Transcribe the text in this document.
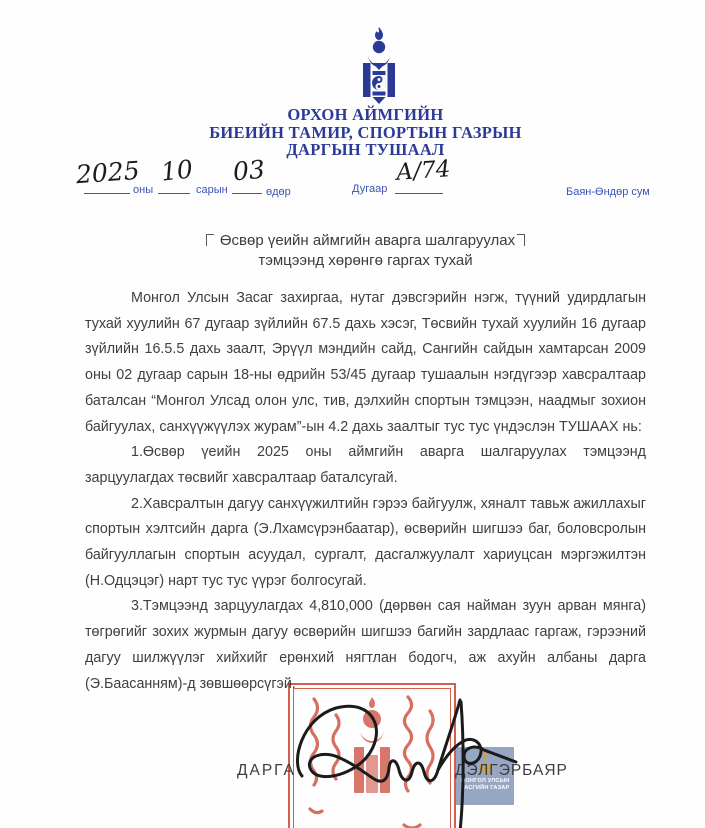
ОРХОН АЙМГИЙН
БИЕИЙН ТАМИР, СПОРТЫН ГАЗРЫН
ДАРГЫН ТУШААЛ
2025
оны
10
сарын
03
өдөр	Дугаар
А/74
Баян-Өндөр сум
Өсвөр үеийн аймгийн аварга шалгаруулах
тэмцээнд хөрөнгө гаргах тухай

Монгол Улсын Засаг захиргаа, нутаг дэвсгэрийн нэгж, түүний удирдлагын тухай хуулийн 67 дугаар зүйлийн 67.5 дахь хэсэг, Төсвийн тухай хуулийн 16 дугаар зүйлийн 16.5.5 дахь заалт, Эрүүл мэндийн сайд, Сангийн сайдын хамтарсан 2009 оны 02 дугаар сарын 18-ны өдрийн 53/45 дугаар тушаалын нэгдүгээр хавсралтаар баталсан “Монгол Улсад олон улс, тив, дэлхийн спортын тэмцээн, наадмыг зохион байгуулах, санхүүжүүлэх журам”-ын 4.2 дахь заалтыг тус тус үндэслэн ТУШААХ нь:

1.Өсвөр үеийн 2025 оны аймгийн аварга шалгаруулах тэмцээнд зарцуулагдах төсвийг хавсралтаар баталсугай.

2.Хавсралтын дагуу санхүүжилтийн гэрээ байгуулж, хяналт тавьж ажиллахыг спортын хэлтсийн дарга (Э.Лхамсүрэнбаатар), өсвөрийн шигшээ баг, боловсролын байгууллагын спортын асуудал, сургалт, дасгалжуулалт хариуцсан мэргэжилтэн (Н.Одцэцэг) нарт тус тус үүрэг болгосугай.

3.Тэмцээнд зарцуулагдах 4,810,000 (дөрвөн сая найман зуун арван мянга) төгрөгийг зохих журмын дагуу өсвөрийн шигшээ багийн зардлаас гаргаж, гэрээний дагуу шилжүүлэг хийхийг ерөнхий нягтлан бодогч, аж ахуйн албаны дарга (Э.Баасанням)-д зөвшөөрсүгэй.

МОНГОЛ УЛСЫН
ЗАСГИЙН ГАЗАР
ДАРГА	ДЭЛГЭРБАЯР
